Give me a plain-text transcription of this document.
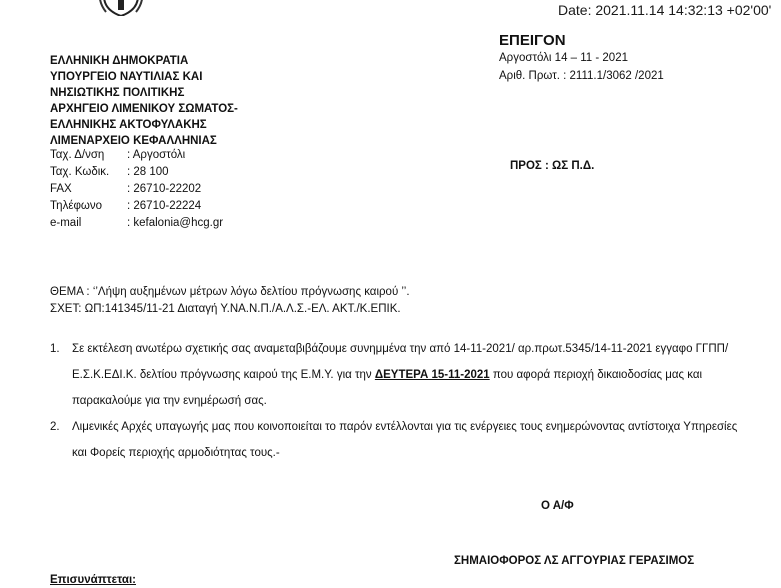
Date: 2021.11.14 14:32:13 +02'00'
ΕΠΕΙΓΟΝ
Αργοστόλι 14 – 11 - 2021
Αριθ. Πρωτ. : 2111.1/3062 /2021
ΠΡΟΣ : ΩΣ Π.Δ.
ΕΛΛΗΝΙΚΗ ΔΗΜΟΚΡΑΤΙΑ
ΥΠΟΥΡΓΕΙΟ ΝΑΥΤΙΛΙΑΣ ΚΑΙ
ΝΗΣΙΩΤΙΚΗΣ ΠΟΛΙΤΙΚΗΣ
ΑΡΧΗΓΕΙΟ ΛΙΜΕΝΙΚΟΥ ΣΩΜΑΤΟΣ-
ΕΛΛΗΝΙΚΗΣ ΑΚΤΟΦΥΛΑΚΗΣ
ΛΙΜΕΝΑΡΧΕΙΟ ΚΕΦΑΛΛΗΝΙΑΣ
Ταχ. Δ/νση : Αργοστόλι
Ταχ. Κωδικ. : 28 100
FAX	: 26710-22202
Τηλέφωνο : 26710-22224
e-mail	: kefalonia@hcg.gr
ΘΕΜΑ : ‘’Λήψη αυξημένων μέτρων λόγω δελτίου πρόγνωσης καιρού ’’.
ΣΧΕΤ: ΩΠ:141345/11-21 Διαταγή Υ.ΝΑ.Ν.Π./Α.Λ.Σ.-ΕΛ. ΑΚΤ./Κ.ΕΠΙΚ.
1. Σε εκτέλεση ανωτέρω σχετικής σας αναμεταβιβάζουμε συνημμένα την από 14-11-2021/ αρ.πρωτ.5345/14-11-2021 εγγαφο ΓΓΠΠ/Ε.Σ.Κ.ΕΔΙ.Κ. δελτίου πρόγνωσης καιρού της Ε.Μ.Υ. για την ΔΕΥΤΕΡΑ 15-11-2021 που αφορά περιοχή δικαιοδοσίας μας και παρακαλούμε για την ενημέρωσή σας.
2. Λιμενικές Αρχές υπαγωγής μας που κοινοποιείται το παρόν εντέλλονται για τις ενέργειες τους ενημερώνοντας αντίστοιχα Υπηρεσίες και Φορείς περιοχής αρμοδιότητας τους.-
Ο Α/Φ
ΣΗΜΑΙΟΦΟΡΟΣ ΛΣ ΑΓΓΟΥΡΙΑΣ ΓΕΡΑΣΙΜΟΣ
Επισυνάπτεται:
